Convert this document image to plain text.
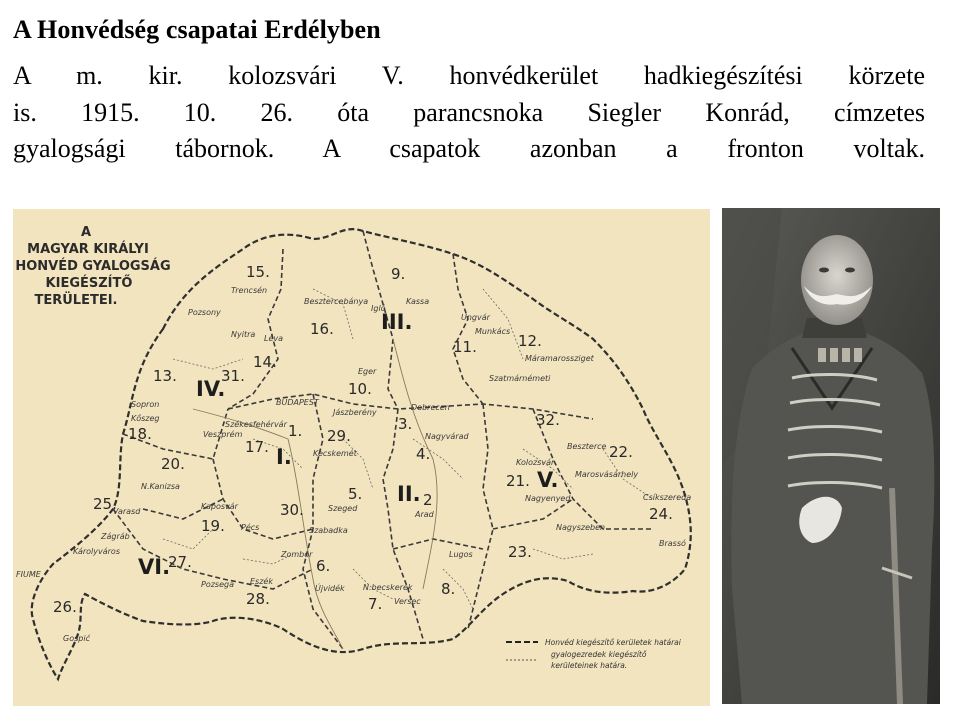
A Honvédség csapatai Erdélyben
A m. kir. kolozsvári V. honvédkerület hadkiegészítési körzete
is. 1915. 10. 26. óta parancsnoka Siegler Konrád, címzetes
gyalogsági tábornok. A csapatok azonban a fronton voltak.
A
MAGYAR KIRÁLYI
HONVÉD GYALOGSÁG
KIEGÉSZÍTŐ
TERÜLETEI.
IV.
III.
I.
II.
V.
VI.
1.
2
3.
4.
5.
6.
7.
8.
9.
10.
11.	12.
13.
14.
15.
16.
17.
18.
19.
20.
21.
22.
23.
24.
25.
26.
27.
28.
29.
30.
31.
32.
Trencsén
Besztercebánya
Igló
Kassa
Ungvár
Munkács
Máramarossziget
Szatmárnémeti
Nyitra Léva
Pozsony
Sopron
Kőszeg
Eger
BUDAPEST
Jászberény
Székesfehérvár
Veszprém
Kecskemét
Debrecen
Nagyvárad
Beszterce
Kolozsvár
Marosvásárhely
Nagyenyed	Csíkszereda
Brassó
Nagyszeben
N.Kanizsa
Kaposvár
Pécs
Varasd
Zágráb
Károlyváros
FIUME
Gospić
Pozsega Eszék
Szeged
Szabadka
Zombor
Újvidék N.becskerek
Versec
Arad
Lugos
Honvéd kiegészítő kerületek határai
gyalogezredek kiegészítő
kerületeinek határa.
